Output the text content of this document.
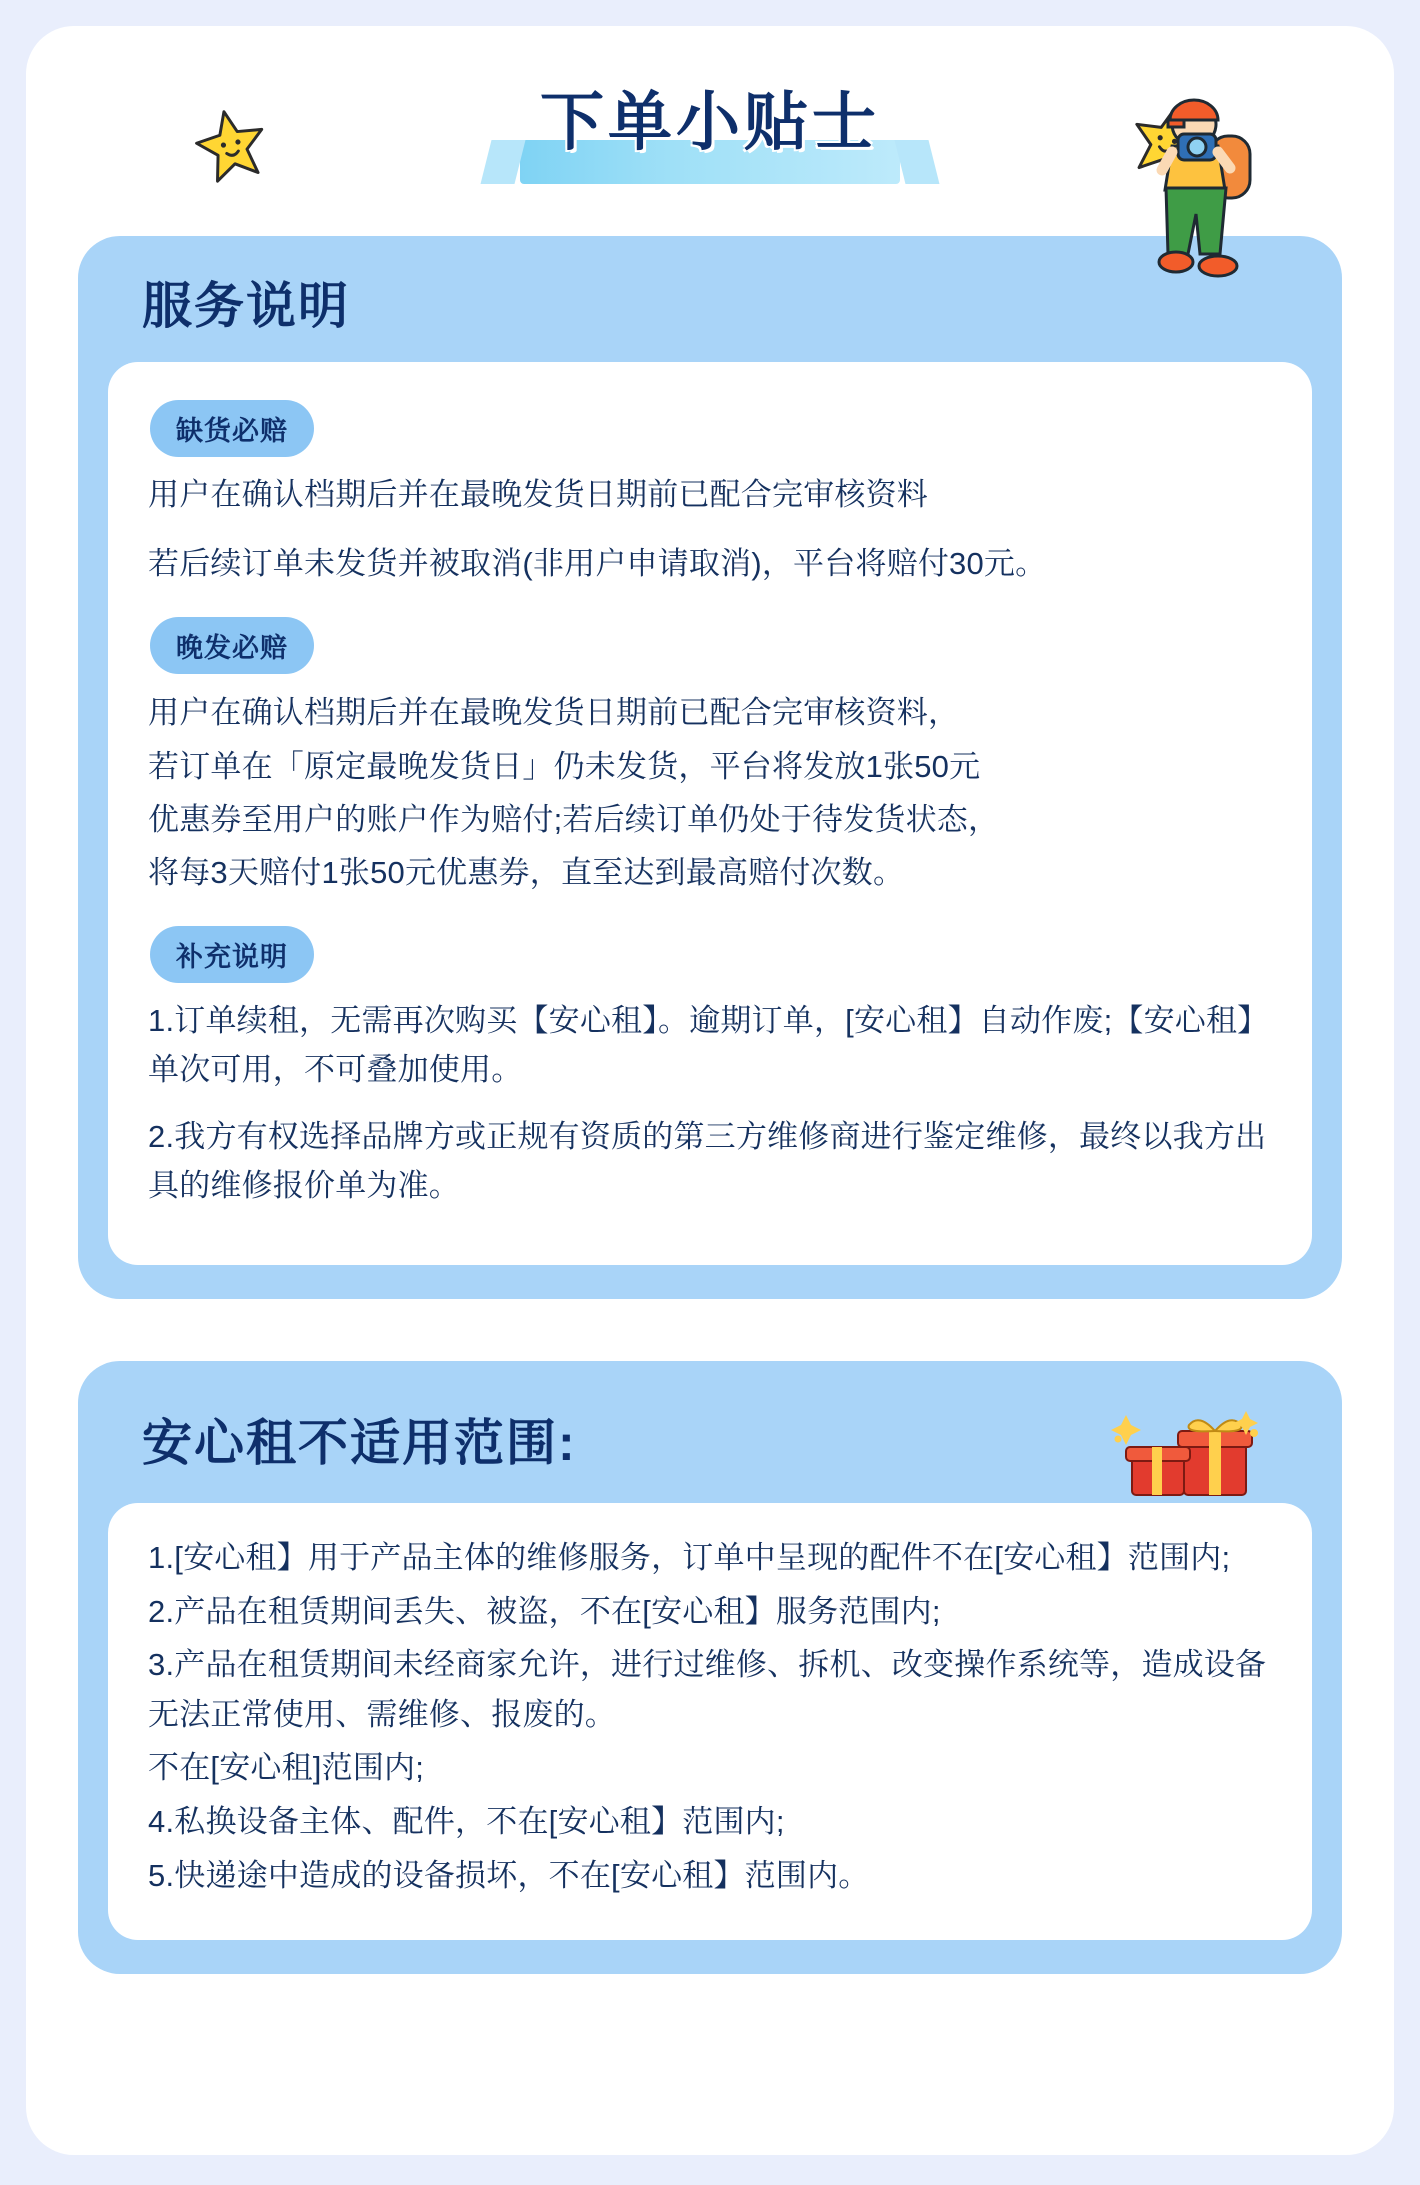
下单小贴士
服务说明
缺货必赔
用户在确认档期后并在最晚发货日期前已配合完审核资料
若后续订单未发货并被取消(非用户申请取消)，平台将赔付30元。
晚发必赔
用户在确认档期后并在最晚发货日期前已配合完审核资料，
若订单在「原定最晚发货日」仍未发货，平台将发放1张50元
优惠券至用户的账户作为赔付;若后续订单仍处于待发货状态，
将每3天赔付1张50元优惠券，直至达到最高赔付次数。
补充说明
1.订单续租，无需再次购买【安心租】。逾期订单，[安心租】自动作废;【安心租】单次可用，不可叠加使用。
2.我方有权选择品牌方或正规有资质的第三方维修商进行鉴定维修，最终以我方出具的维修报价单为准。
安心租不适用范围:
1.[安心租】用于产品主体的维修服务，订单中呈现的配件不在[安心租】范围内;
2.产品在租赁期间丢失、被盗，不在[安心租】服务范围内;
3.产品在租赁期间未经商家允许，进行过维修、拆机、改变操作系统等，造成设备无法正常使用、需维修、报废的。
不在[安心租]范围内;
4.私换设备主体、配件，不在[安心租】范围内;
5.快递途中造成的设备损坏，不在[安心租】范围内。
